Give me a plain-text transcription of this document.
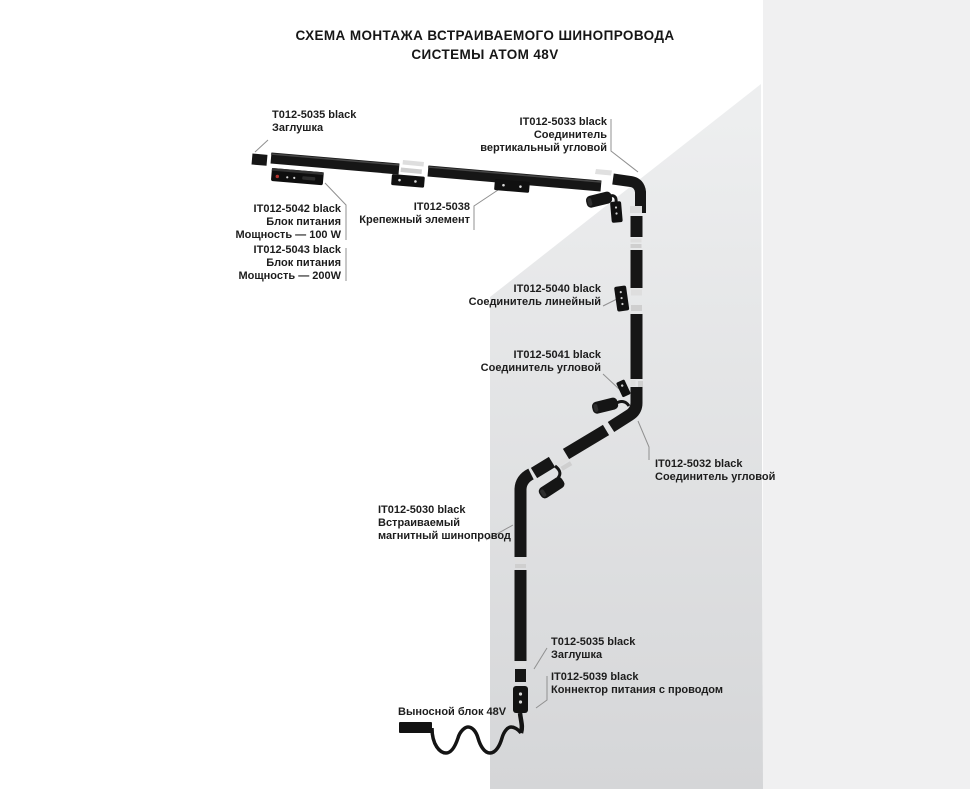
СХЕМА МОНТАЖА ВСТРАИВАЕМОГО ШИНОПРОВОДА
СИСТЕМЫ АТОМ 48V
T012-5035 black
Заглушка	IT012-5033 black
Соединитель
вертикальный угловой
IT012-5042 black
Блок питания
Мощность — 100 W
IT012-5043 black
Блок питания
Мощность — 200W
IT012-5038
Крепежный элемент
IT012-5040 black
Соединитель линейный
IT012-5041 black
Соединитель угловой
IT012-5032 black
Соединитель угловой
IT012-5030 black
Встраиваемый
магнитный шинопровод
T012-5035 black
Заглушка
IT012-5039 black
Коннектор питания с проводом
Выносной блок 48V
